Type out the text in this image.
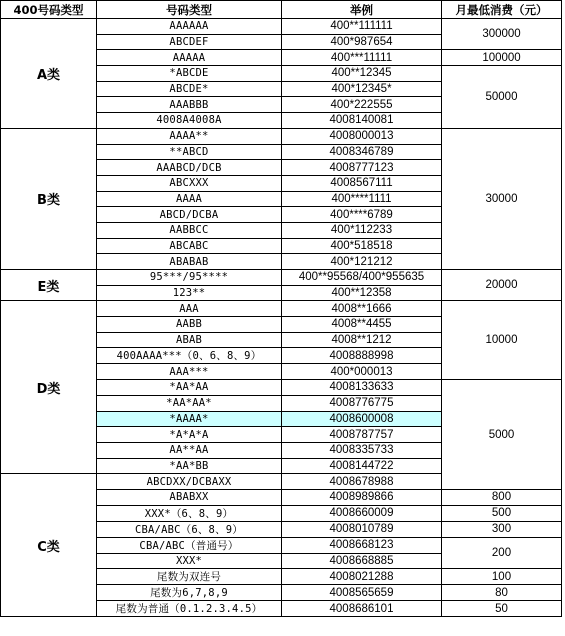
400号码类型	号码类型	举例	月最低消费（元）	
A类	AAAAAA	400**111111	300000	
	ABCDEF	400*987654		
	AAAAA	400***11111	100000	
	*ABCDE	400**12345	50000	
	ABCDE*	400*12345*		
	AAABBB	400*222555		
	4008A4008A	4008140081		
B类	AAAA**	4008000013	30000	
	**ABCD	4008346789		
	AAABCD/DCB	4008777123		
	ABCXXX	4008567111		
	AAAA	400****1111		
	ABCD/DCBA	400****6789		
	AABBCC	400*112233		
	ABCABC	400*518518		
	ABABAB	400*121212		
E类	95***/95****	400**95568/400*955635	20000	
	123**	400**12358		
D类	AAA	4008**1666	10000	
	AABB	4008**4455		
	ABAB	4008**1212		
	400AAAA***（0、6、8、9）	4008888998		
	AAA***	400*000013		
	*AA*AA	4008133633	5000	
	*AA*AA*	4008776775		
	*AAAA*	4008600008		
	*A*A*A	4008787757		
	AA**AA	4008335733		
	*AA*BB	4008144722		
C类	ABCDXX/DCBAXX	4008678988	
	ABABXX	4008989866	800	
	XXX*（6、8、9）	4008660009	500	
	CBA/ABC（6、8、9）	4008010789	300	
	CBA/ABC（普通号）	4008668123	200	
	XXX*	4008668885		
	尾数为双连号	4008021288	100	
	尾数为6,7,8,9	4008565659	80	
	尾数为普通（0.1.2.3.4.5）	4008686101	50	
